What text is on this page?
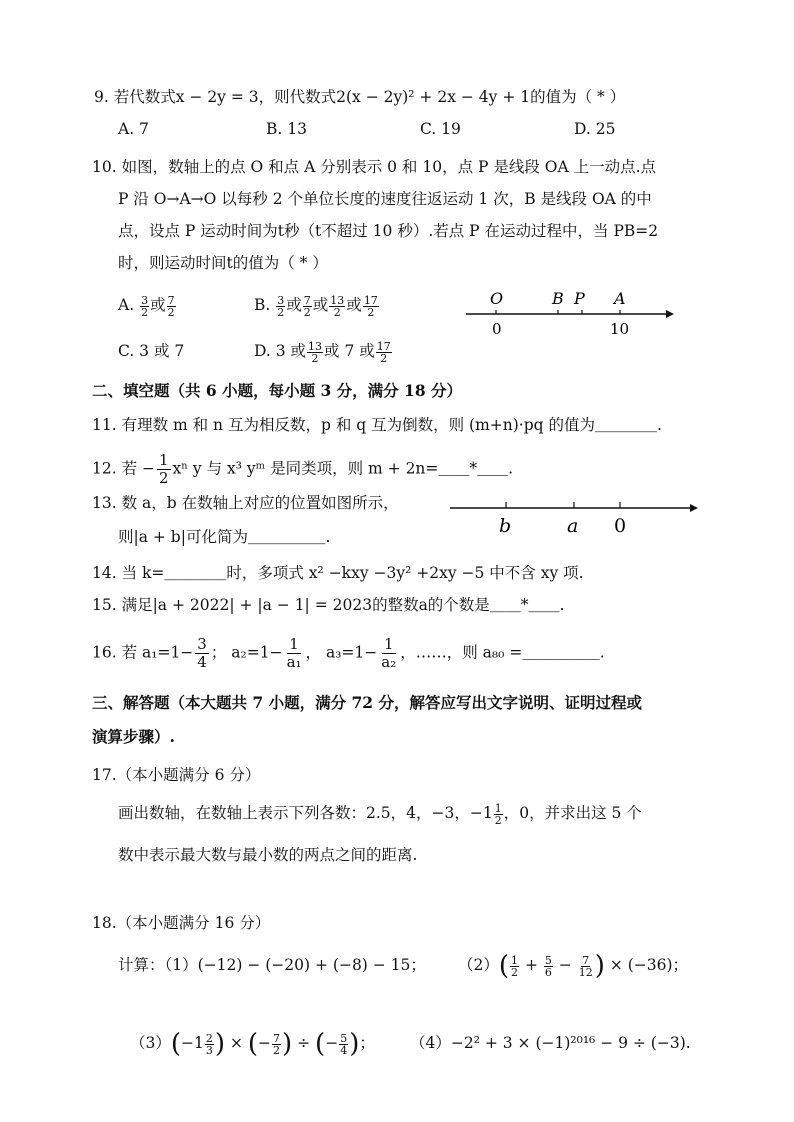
9. 若代数式x − 2y = 3，则代数式2(x − 2y)² + 2x − 4y + 1的值为（ * ）
A. 7	B. 13	C. 19	D. 25
10. 如图，数轴上的点 O 和点 A 分别表示 0 和 10，点 P 是线段 OA 上一动点.点
P 沿 O→A→O 以每秒 2 个单位长度的速度往返运动 1 次，B 是线段 OA 的中
点，设点 P 运动时间为t秒（t不超过 10 秒）.若点 P 在运动过程中，当 PB=2
时，则运动时间t的值为（ * ）
A. $\frac{3}{2}$ 或 $\frac{7}{2}$	B. $\frac{3}{2}$ 或 $\frac{7}{2}$ 或 $\frac{13}{2}$ 或 $\frac{17}{2}$	O	B P A
0	10
C. 3 或 7	D. 3 或 $\frac{13}{2}$ 或 7 或 $\frac{17}{2}$
二、填空题（共 6 小题，每小题 3 分，满分 18 分）
11. 有理数 m 和 n 互为相反数，p 和 q 互为倒数，则 (m+n)·pq 的值为＿＿＿＿.
12. 若 − $\frac{1}{2}$ xⁿ y 与 x³ yᵐ 是同类项，则 m + 2n=＿＿*＿＿.
13. 数 a，b 在数轴上对应的位置如图所示，
则|a + b|可化简为＿＿＿＿＿.	b	a 0
14. 当 k=＿＿＿＿时，多项式 x² −kxy −3y² +2xy −5 中不含 xy 项.
15. 满足|a + 2022| + |a − 1| = 2023的整数a的个数是＿＿*＿＿.
16. 若 $a_1=1- \frac{3}{4}$ ； $a_2=1- \frac{1}{\text{a₁}}$ ， $a_3=1- \frac{1}{\text{a₂}}$ ，……，则 a₈₀ =＿＿＿＿＿.
三、解答题（本大题共 7 小题，满分 72 分，解答应写出文字说明、证明过程或
演算步骤）.
17.（本小题满分 6 分）
画出数轴，在数轴上表示下列各数：2.5，4，−3，$-1 \frac{1}{2}$ ，0，并求出这 5 个
数中表示最大数与最小数的两点之间的距离.
18.（本小题满分 16 分）
计算：（1）(−12) − (−20) + (−8) − 15； $(2)( \frac{1}{2} + \frac{5}{6} - \frac{7}{12}$ ) × (−36)；
$(3)(-1 \frac{2}{3}$ ) × (− $\frac{7}{2}$ ) ÷ (− $\frac{5}{4}$ )； （4）−2² + 3 × (−1)²⁰¹⁶ − 9 ÷ (−3).
